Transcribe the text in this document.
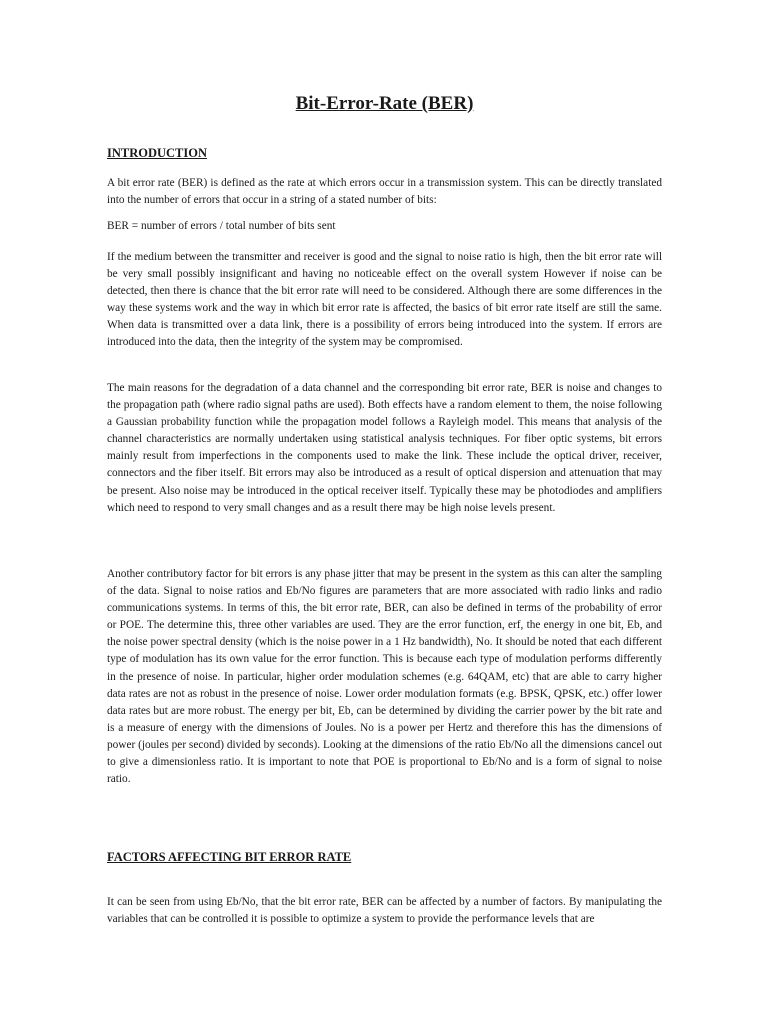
Bit-Error-Rate (BER)
INTRODUCTION

A bit error rate (BER) is defined as the rate at which errors occur in a transmission system. This can be directly translated into the number of errors that occur in a string of a stated number of bits:

BER = number of errors / total number of bits sent

If the medium between the transmitter and receiver is good and the signal to noise ratio is high, then the bit error rate will be very small possibly insignificant and having no noticeable effect on the overall system However if noise can be detected, then there is chance that the bit error rate will need to be considered. Although there are some differences in the way these systems work and the way in which bit error rate is affected, the basics of bit error rate itself are still the same. When data is transmitted over a data link, there is a possibility of errors being introduced into the system. If errors are introduced into the data, then the integrity of the system may be compromised.

The main reasons for the degradation of a data channel and the corresponding bit error rate, BER is noise and changes to the propagation path (where radio signal paths are used). Both effects have a random element to them, the noise following a Gaussian probability function while the propagation model follows a Rayleigh model. This means that analysis of the channel characteristics are normally undertaken using statistical analysis techniques. For fiber optic systems, bit errors mainly result from imperfections in the components used to make the link. These include the optical driver, receiver, connectors and the fiber itself. Bit errors may also be introduced as a result of optical dispersion and attenuation that may be present. Also noise may be introduced in the optical receiver itself. Typically these may be photodiodes and amplifiers which need to respond to very small changes and as a result there may be high noise levels present.

Another contributory factor for bit errors is any phase jitter that may be present in the system as this can alter the sampling of the data. Signal to noise ratios and Eb/No figures are parameters that are more associated with radio links and radio communications systems. In terms of this, the bit error rate, BER, can also be defined in terms of the probability of error or POE. The determine this, three other variables are used. They are the error function, erf, the energy in one bit, Eb, and the noise power spectral density (which is the noise power in a 1 Hz bandwidth), No. It should be noted that each different type of modulation has its own value for the error function. This is because each type of modulation performs differently in the presence of noise. In particular, higher order modulation schemes (e.g. 64QAM, etc) that are able to carry higher data rates are not as robust in the presence of noise. Lower order modulation formats (e.g. BPSK, QPSK, etc.) offer lower data rates but are more robust. The energy per bit, Eb, can be determined by dividing the carrier power by the bit rate and is a measure of energy with the dimensions of Joules. No is a power per Hertz and therefore this has the dimensions of power (joules per second) divided by seconds). Looking at the dimensions of the ratio Eb/No all the dimensions cancel out to give a dimensionless ratio. It is important to note that POE is proportional to Eb/No and is a form of signal to noise ratio.

FACTORS AFFECTING BIT ERROR RATE

It can be seen from using Eb/No, that the bit error rate, BER can be affected by a number of factors. By manipulating the variables that can be controlled it is possible to optimize a system to provide the performance levels that are
